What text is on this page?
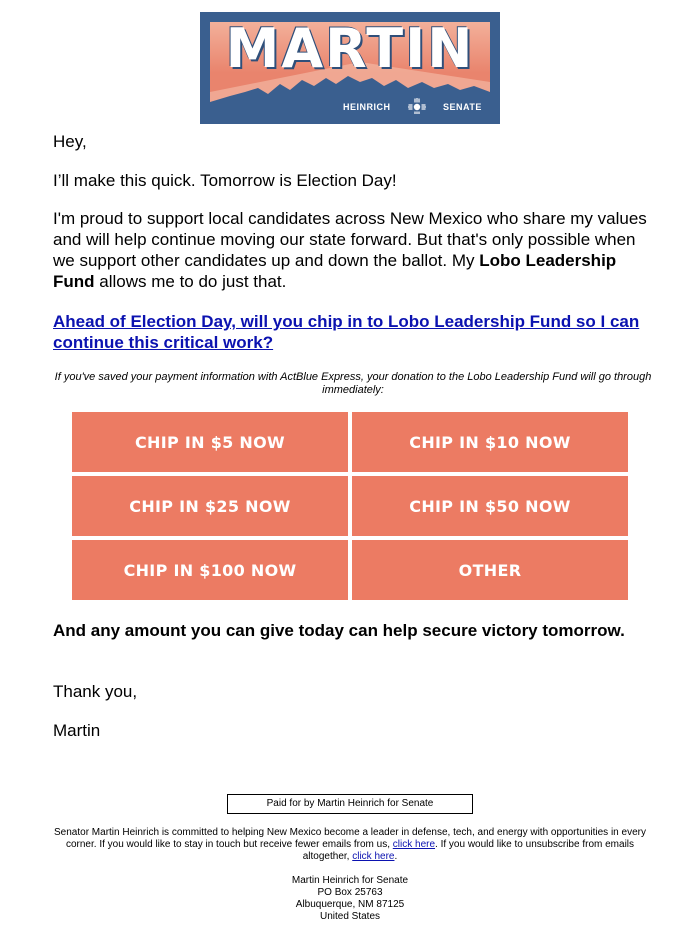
HEINRICH	SENATE
MARTIN
Hey,
I’ll make this quick. Tomorrow is Election Day!
I'm proud to support local candidates across New Mexico who share my values and will help continue moving our state forward. But that's only possible when we support other candidates up and down the ballot. My Lobo Leadership Fund allows me to do just that.
Ahead of Election Day, will you chip in to Lobo Leadership Fund so I can continue this critical work?
If you've saved your payment information with ActBlue Express, your donation to the Lobo Leadership Fund will go through immediately:
CHIP IN $5 NOW	CHIP IN $10 NOW
CHIP IN $25 NOW	CHIP IN $50 NOW
CHIP IN $100 NOW	OTHER
And any amount you can give today can help secure victory tomorrow.
Thank you,
Martin
Paid for by Martin Heinrich for Senate
Senator Martin Heinrich is committed to helping New Mexico become a leader in defense, tech, and energy with opportunities in every corner. If you would like to stay in touch but receive fewer emails from us, click here. If you would like to unsubscribe from emails altogether, click here.
Martin Heinrich for Senate
PO Box 25763
Albuquerque, NM 87125
United States
